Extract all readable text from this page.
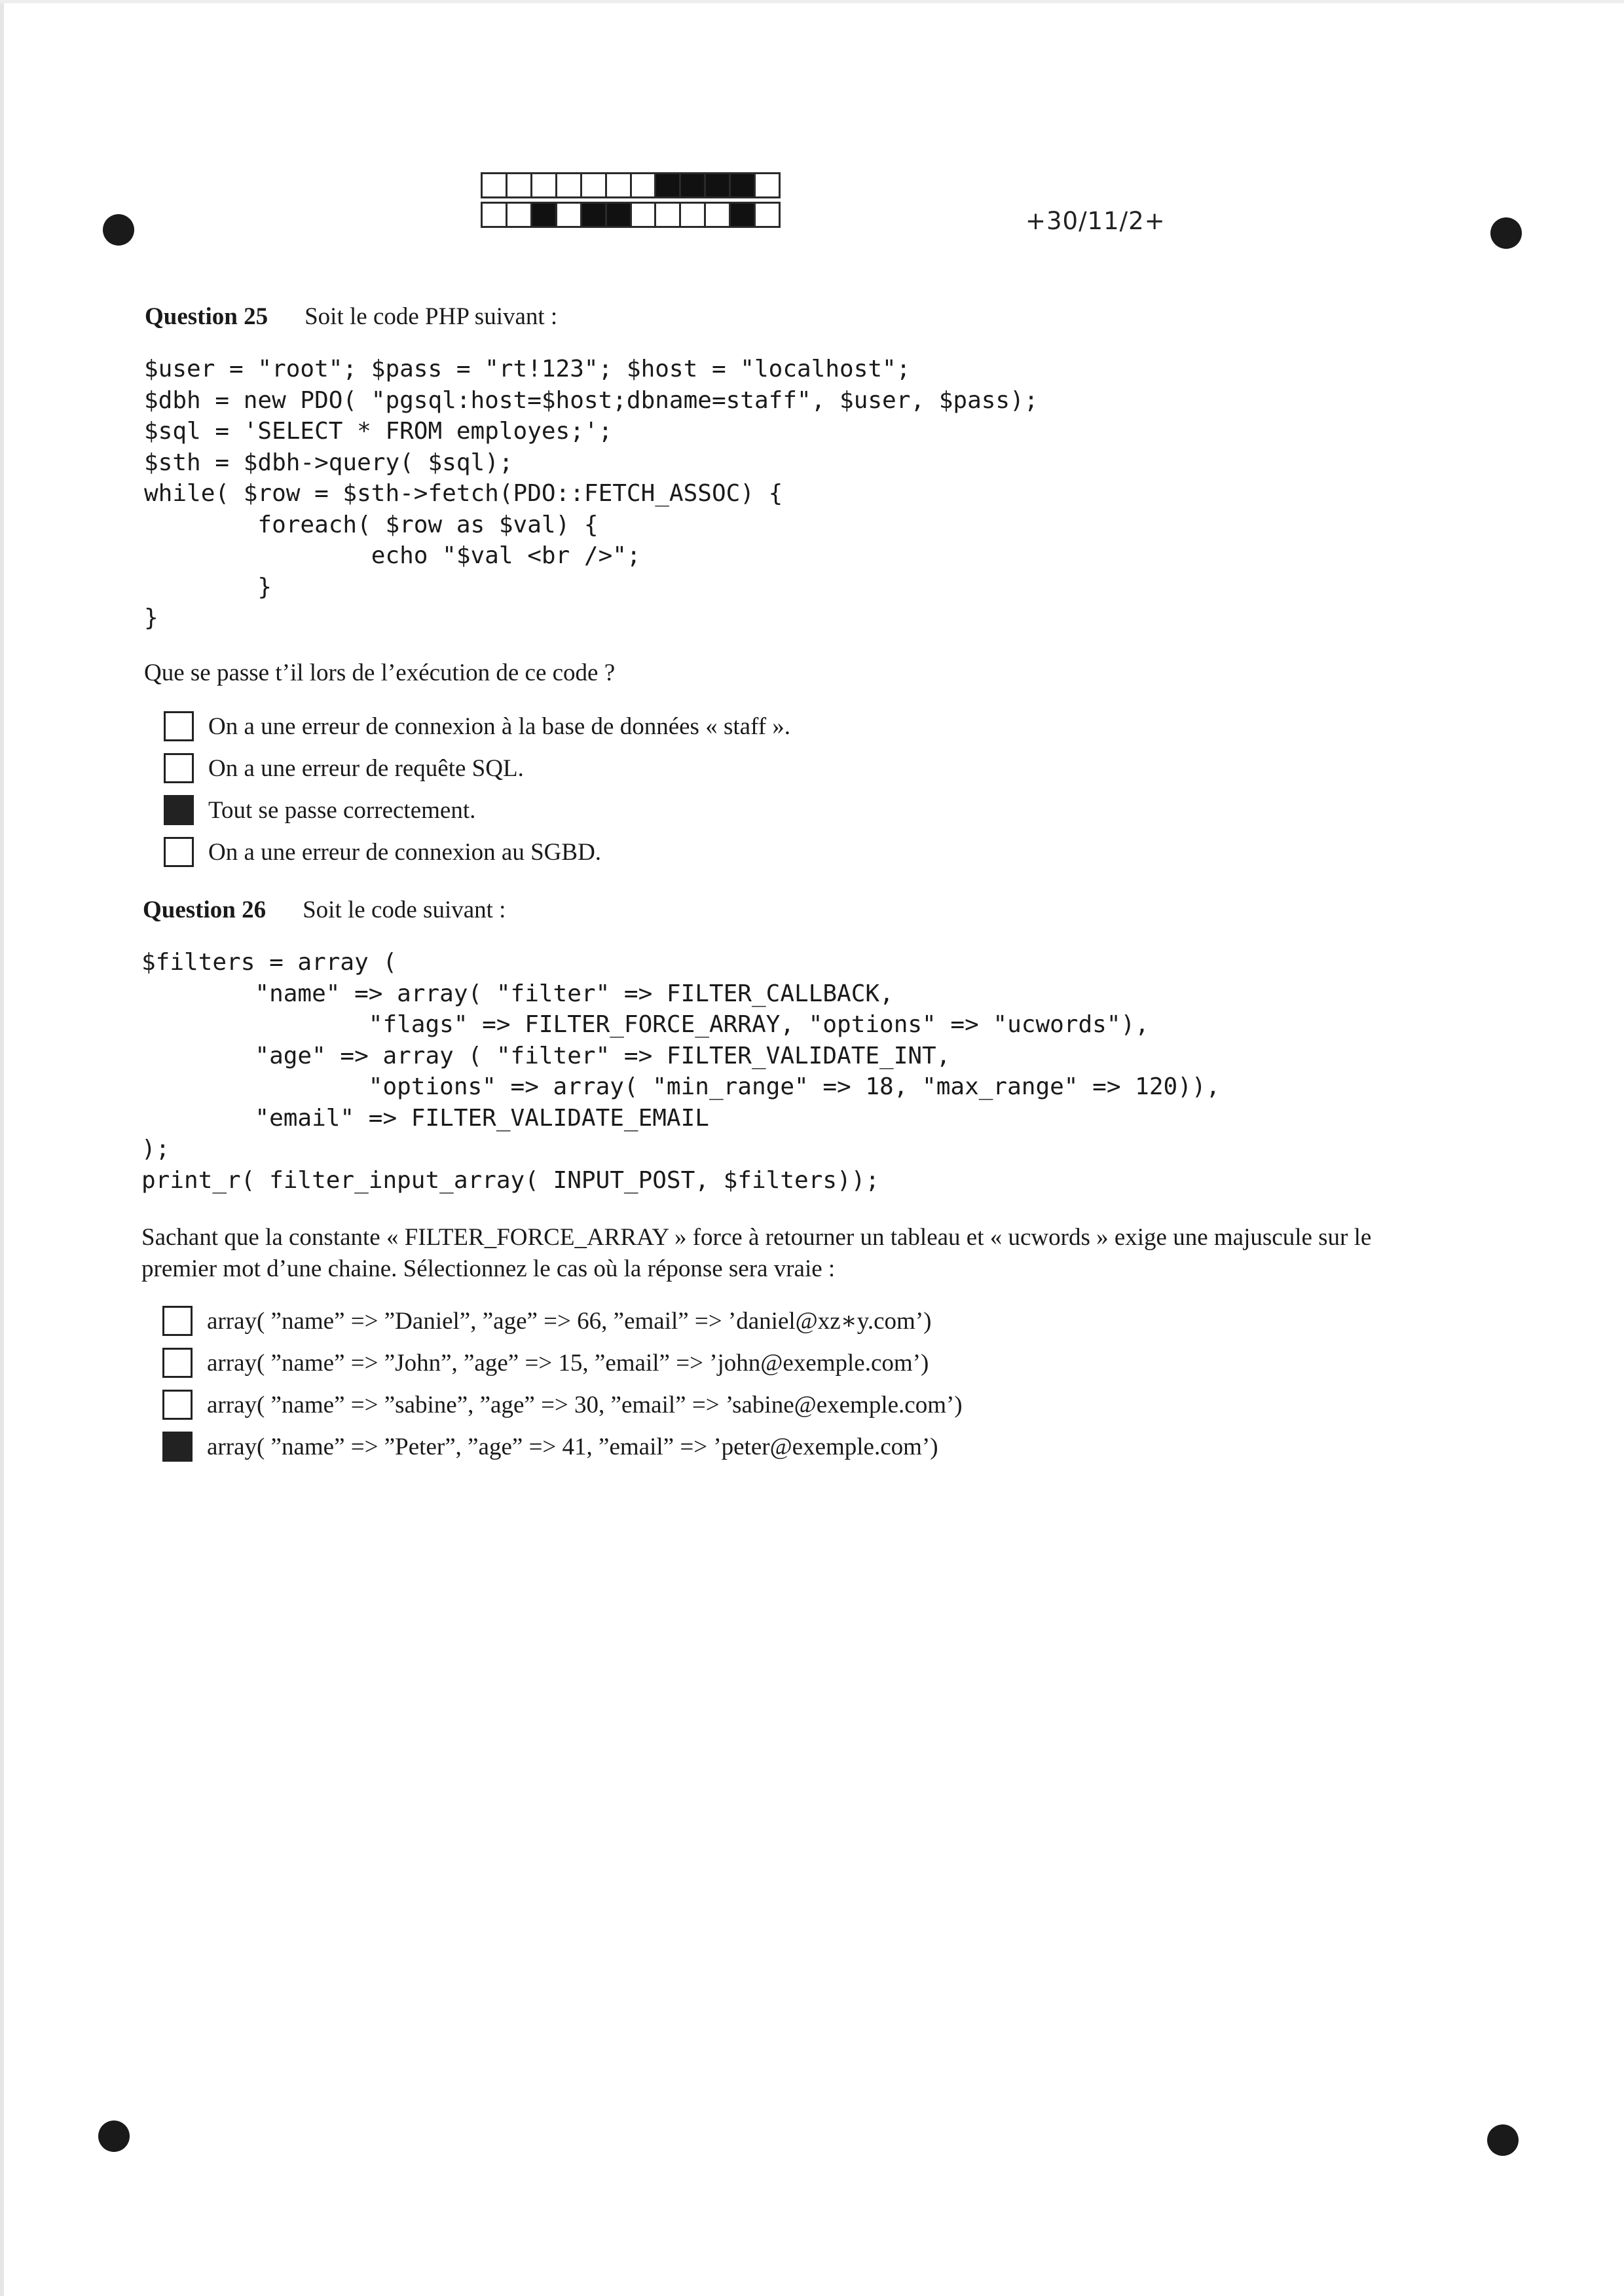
+30/11/2+
Question 25 Soit le code PHP suivant :
$user = "root"; $pass = "rt!123"; $host = "localhost";
$dbh = new PDO( "pgsql:host=$host;dbname=staff", $user, $pass);
$sql = 'SELECT * FROM employes;';
$sth = $dbh->query( $sql);
while( $row = $sth->fetch(PDO::FETCH_ASSOC) {
foreach( $row as $val) {
echo "$val <br />";
}
}
Que se passe t’il lors de l’exécution de ce code ?
On a une erreur de connexion à la base de données « staff ».
On a une erreur de requête SQL.
Tout se passe correctement.
On a une erreur de connexion au SGBD.
Question 26 Soit le code suivant :
$filters = array (
"name" => array( "filter" => FILTER_CALLBACK,
"flags" => FILTER_FORCE_ARRAY, "options" => "ucwords"),
"age" => array ( "filter" => FILTER_VALIDATE_INT,
"options" => array( "min_range" => 18, "max_range" => 120)),
"email" => FILTER_VALIDATE_EMAIL
);
print_r( filter_input_array( INPUT_POST, $filters));
Sachant que la constante « FILTER_FORCE_ARRAY » force à retourner un tableau et « ucwords » exige une majuscule sur le
premier mot d’une chaine. Sélectionnez le cas où la réponse sera vraie :
array( ”name” => ”Daniel”, ”age” => 66, ”email” => ’daniel@xz∗y.com’)
array( ”name” => ”John”, ”age” => 15, ”email” => ’john@exemple.com’)
array( ”name” => ”sabine”, ”age” => 30, ”email” => ’sabine@exemple.com’)
array( ”name” => ”Peter”, ”age” => 41, ”email” => ’peter@exemple.com’)
